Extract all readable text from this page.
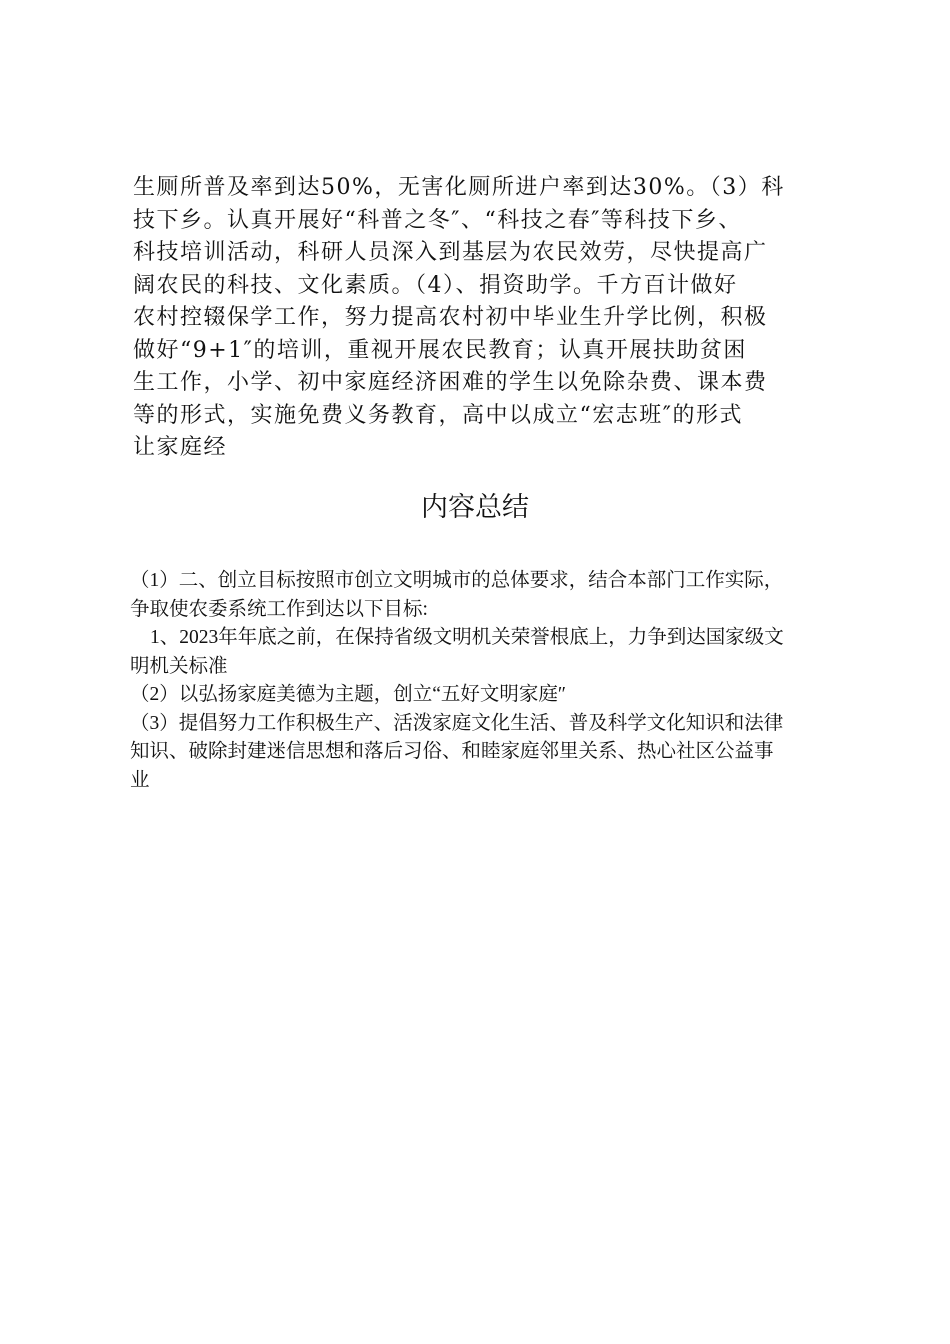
生厕所普及率到达50%，无害化厕所进户率到达30%。（3）科
技下乡。认真开展好“科普之冬″、“科技之春″等科技下乡、
科技培训活动，科研人员深入到基层为农民效劳，尽快提高广
阔农民的科技、文化素质。（4）、捐资助学。千方百计做好
农村控辍保学工作，努力提高农村初中毕业生升学比例，积极
做好“9+1″的培训，重视开展农民教育；认真开展扶助贫困
生工作，小学、初中家庭经济困难的学生以免除杂费、课本费
等的形式，实施免费义务教育，高中以成立“宏志班″的形式
让家庭经
内容总结
（1）二、创立目标按照市创立文明城市的总体要求，结合本部门工作实际，
争取使农委系统工作到达以下目标:
1、2023年年底之前，在保持省级文明机关荣誉根底上，力争到达国家级文
明机关标准
（2）以弘扬家庭美德为主题，创立“五好文明家庭″
（3）提倡努力工作积极生产、活泼家庭文化生活、普及科学文化知识和法律
知识、破除封建迷信思想和落后习俗、和睦家庭邻里关系、热心社区公益事
业
